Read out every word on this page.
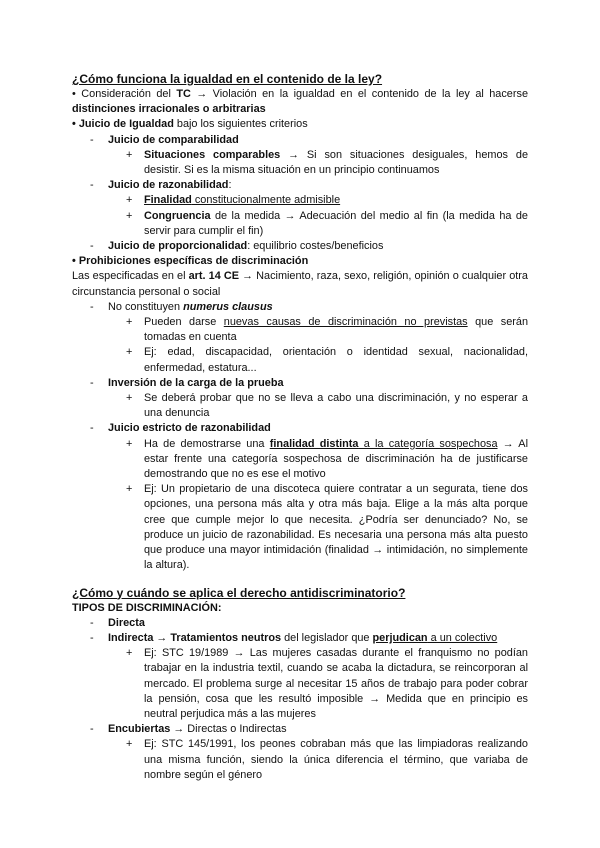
¿Cómo funciona la igualdad en el contenido de la ley?
• Consideración del TC → Violación en la igualdad en el contenido de la ley al hacerse distinciones irracionales o arbitrarias
• Juicio de Igualdad bajo los siguientes criterios
- Juicio de comparabilidad
+ Situaciones comparables → Si son situaciones desiguales, hemos de desistir. Si es la misma situación en un principio continuamos
- Juicio de razonabilidad:
+ Finalidad constitucionalmente admisible
+ Congruencia de la medida → Adecuación del medio al fin (la medida ha de servir para cumplir el fin)
- Juicio de proporcionalidad: equilibrio costes/beneficios
• Prohibiciones específicas de discriminación
Las especificadas en el art. 14 CE → Nacimiento, raza, sexo, religión, opinión o cualquier otra circunstancia personal o social
- No constituyen numerus clausus
+ Pueden darse nuevas causas de discriminación no previstas que serán tomadas en cuenta
+ Ej: edad, discapacidad, orientación o identidad sexual, nacionalidad, enfermedad, estatura...
- Inversión de la carga de la prueba
+ Se deberá probar que no se lleva a cabo una discriminación, y no esperar a una denuncia
- Juicio estricto de razonabilidad
+ Ha de demostrarse una finalidad distinta a la categoría sospechosa → Al estar frente una categoría sospechosa de discriminación ha de justificarse demostrando que no es ese el motivo
+ Ej: Un propietario de una discoteca quiere contratar a un segurata, tiene dos opciones, una persona más alta y otra más baja. Elige a la más alta porque cree que cumple mejor lo que necesita. ¿Podría ser denunciado? No, se produce un juicio de razonabilidad. Es necesaria una persona más alta puesto que produce una mayor intimidación (finalidad → intimidación, no simplemente la altura).
¿Cómo y cuándo se aplica el derecho antidiscriminatorio?
TIPOS DE DISCRIMINACIÓN:
- Directa
- Indirecta → Tratamientos neutros del legislador que perjudican a un colectivo
+ Ej: STC 19/1989 → Las mujeres casadas durante el franquismo no podían trabajar en la industria textil, cuando se acaba la dictadura, se reincorporan al mercado. El problema surge al necesitar 15 años de trabajo para poder cobrar la pensión, cosa que les resultó imposible → Medida que en principio es neutral perjudica más a las mujeres
- Encubiertas → Directas o Indirectas
+ Ej: STC 145/1991, los peones cobraban más que las limpiadoras realizando una misma función, siendo la única diferencia el término, que variaba de nombre según el género
